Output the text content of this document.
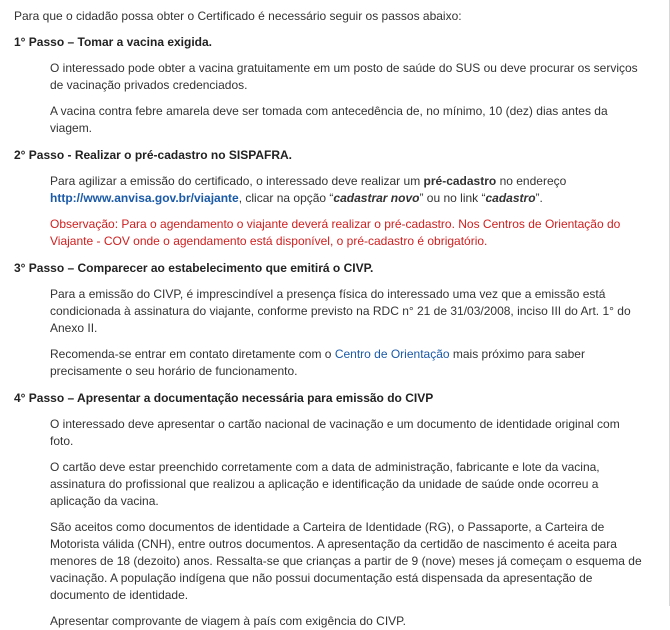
Para que o cidadão possa obter o Certificado é necessário seguir os passos abaixo:

1° Passo – Tomar a vacina exigida.

O interessado pode obter a vacina gratuitamente em um posto de saúde do SUS ou deve procurar os serviços de vacinação privados credenciados.

A vacina contra febre amarela deve ser tomada com antecedência de, no mínimo, 10 (dez) dias antes da viagem.

2° Passo - Realizar o pré-cadastro no SISPAFRA.

Para agilizar a emissão do certificado, o interessado deve realizar um pré-cadastro no endereço http://www.anvisa.gov.br/viajante, clicar na opção “cadastrar novo” ou no link “cadastro”.

Observação: Para o agendamento o viajante deverá realizar o pré-cadastro. Nos Centros de Orientação do Viajante - COV onde o agendamento está disponível, o pré-cadastro é obrigatório.

3° Passo – Comparecer ao estabelecimento que emitirá o CIVP.

Para a emissão do CIVP, é imprescindível a presença física do interessado uma vez que a emissão está condicionada à assinatura do viajante, conforme previsto na RDC n° 21 de 31/03/2008, inciso III do Art. 1° do Anexo II.

Recomenda-se entrar em contato diretamente com o Centro de Orientação mais próximo para saber precisamente o seu horário de funcionamento.

4° Passo – Apresentar a documentação necessária para emissão do CIVP

O interessado deve apresentar o cartão nacional de vacinação e um documento de identidade original com foto.

O cartão deve estar preenchido corretamente com a data de administração, fabricante e lote da vacina, assinatura do profissional que realizou a aplicação e identificação da unidade de saúde onde ocorreu a aplicação da vacina.

São aceitos como documentos de identidade a Carteira de Identidade (RG), o Passaporte, a Carteira de Motorista válida (CNH), entre outros documentos. A apresentação da certidão de nascimento é aceita para menores de 18 (dezoito) anos. Ressalta-se que crianças a partir de 9 (nove) meses já começam o esquema de vacinação. A população indígena que não possui documentação está dispensada da apresentação de documento de identidade.

Apresentar comprovante de viagem à país com exigência do CIVP.
